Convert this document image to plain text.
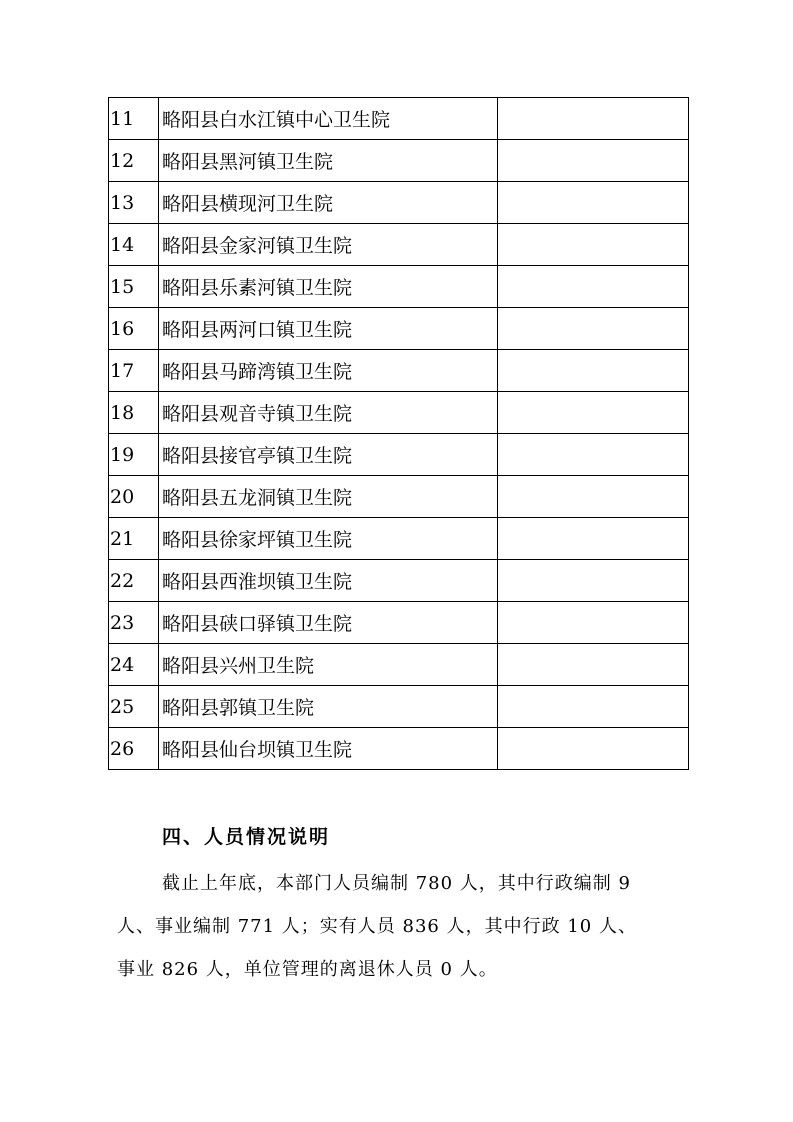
11	略阳县白水江镇中心卫生院	
12	略阳县黑河镇卫生院	
13	略阳县横现河卫生院	
14	略阳县金家河镇卫生院	
15	略阳县乐素河镇卫生院	
16	略阳县两河口镇卫生院	
17	略阳县马蹄湾镇卫生院	
18	略阳县观音寺镇卫生院	
19	略阳县接官亭镇卫生院	
20	略阳县五龙洞镇卫生院	
21	略阳县徐家坪镇卫生院	
22	略阳县西淮坝镇卫生院	
23	略阳县硖口驿镇卫生院	
24	略阳县兴州卫生院	
25	略阳县郭镇卫生院	
26	略阳县仙台坝镇卫生院	
四、人员情况说明
截止上年底，本部门人员编制 780 人，其中行政编制 9
人、事业编制 771 人；实有人员 836 人，其中行政 10 人、
事业 826 人，单位管理的离退休人员 0 人。
